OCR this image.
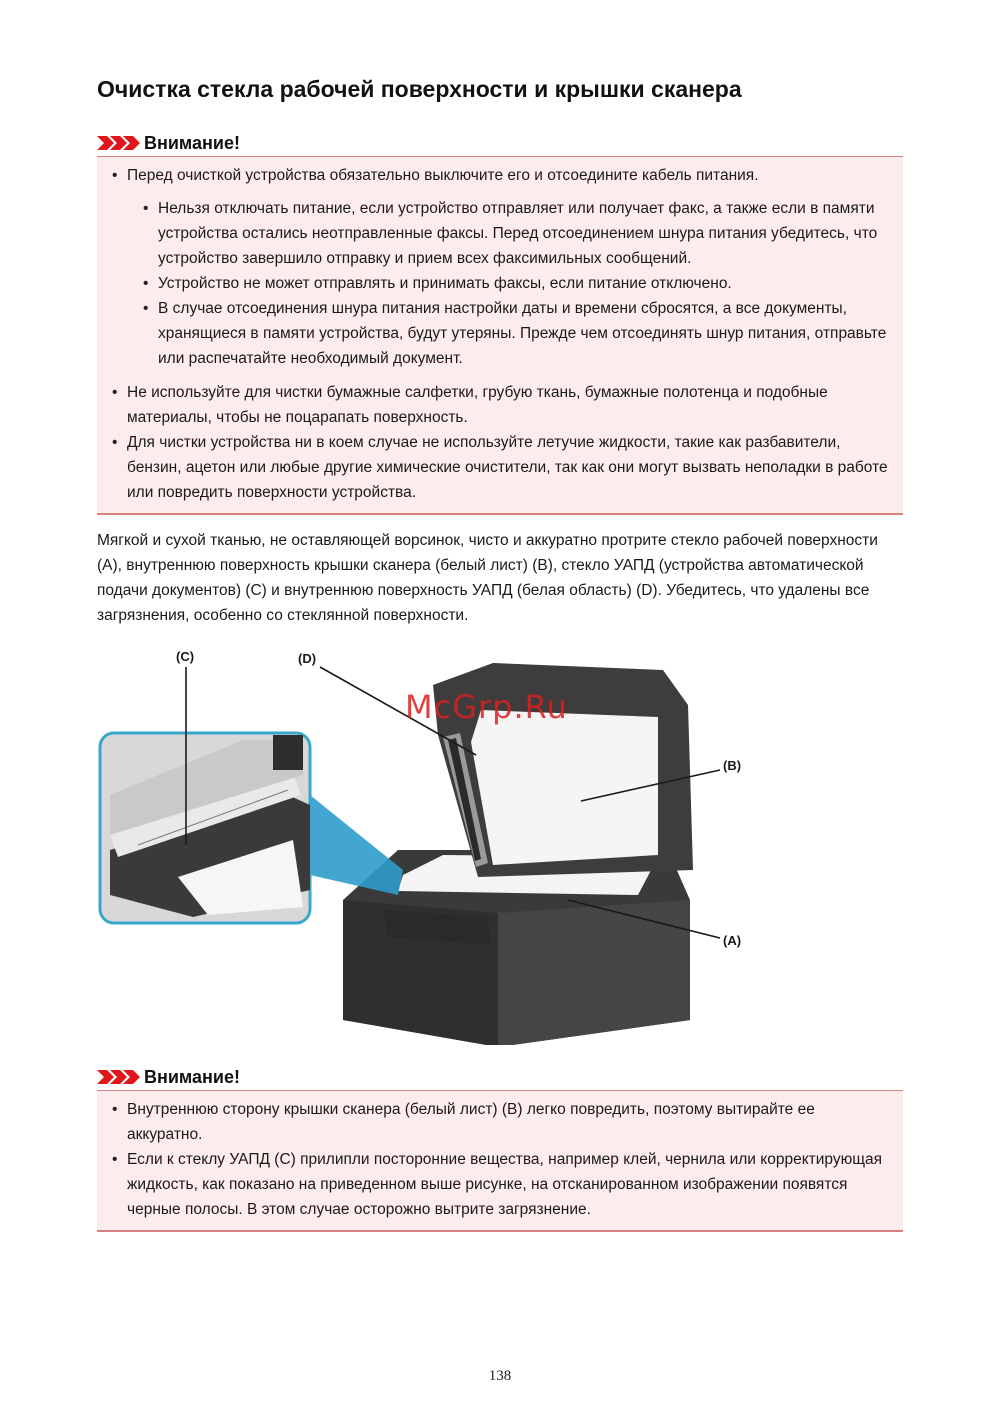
Очистка стекла рабочей поверхности и крышки сканера
Внимание!
• Перед очисткой устройства обязательно выключите его и отсоедините кабель питания.
• Нельзя отключать питание, если устройство отправляет или получает факс, а также если в памяти устройства остались неотправленные факсы. Перед отсоединением шнура питания убедитесь, что устройство завершило отправку и прием всех факсимильных сообщений.
• Устройство не может отправлять и принимать факсы, если питание отключено.
• В случае отсоединения шнура питания настройки даты и времени сбросятся, а все документы, хранящиеся в памяти устройства, будут утеряны. Прежде чем отсоединять шнур питания, отправьте или распечатайте необходимый документ.
• Не используйте для чистки бумажные салфетки, грубую ткань, бумажные полотенца и подобные материалы, чтобы не поцарапать поверхность.
• Для чистки устройства ни в коем случае не используйте летучие жидкости, такие как разбавители, бензин, ацетон или любые другие химические очистители, так как они могут вызвать неполадки в работе или повредить поверхности устройства.
Мягкой и сухой тканью, не оставляющей ворсинок, чисто и аккуратно протрите стекло рабочей поверхности (A), внутреннюю поверхность крышки сканера (белый лист) (B), стекло УАПД (устройства автоматической подачи документов) (C) и внутреннюю поверхность УАПД (белая область) (D). Убедитесь, что удалены все загрязнения, особенно со стеклянной поверхности.
(C)	(D)
(B)
(A)
McGrp.Ru
Внимание!
• Внутреннюю сторону крышки сканера (белый лист) (B) легко повредить, поэтому вытирайте ее аккуратно.
• Если к стеклу УАПД (C) прилипли посторонние вещества, например клей, чернила или корректирующая жидкость, как показано на приведенном выше рисунке, на отсканированном изображении появятся черные полосы. В этом случае осторожно вытрите загрязнение.
138
